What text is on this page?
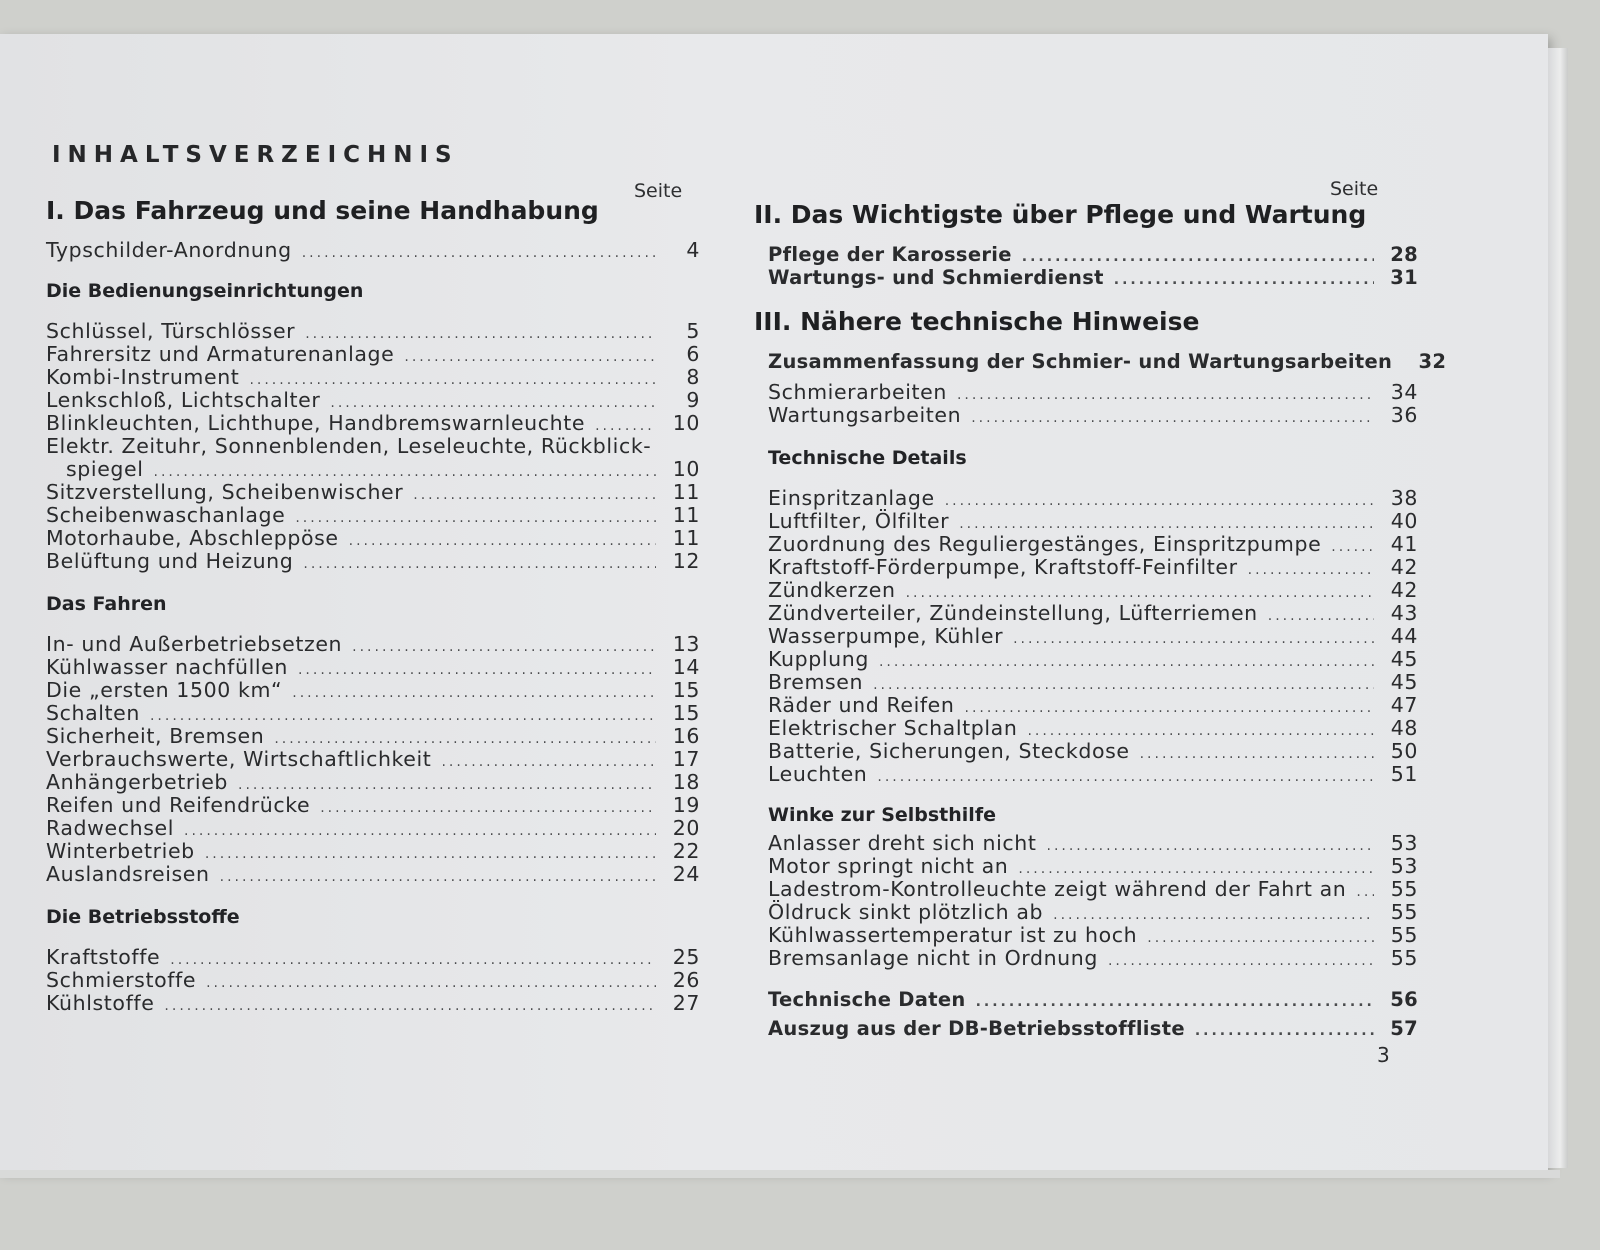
INHALTSVERZEICHNIS
Seite	Seite
I. Das Fahrzeug und seine Handhabung
Typschilder-Anordnung .....	4
Die Bedienungseinrichtungen
Schlüssel, Türschlösser .....	5
Fahrersitz und Armaturenanlage .....	6
Kombi-Instrument .....	8
Lenkschloß, Lichtschalter .....	9
Blinkleuchten, Lichthupe, Handbremswarnleuchte .....	10
Elektr. Zeituhr, Sonnenblenden, Leseleuchte, Rückblick-
spiegel .....	10
Sitzverstellung, Scheibenwischer .....	11
Scheibenwaschanlage .....	11
Motorhaube, Abschleppöse .....	11
Belüftung und Heizung .....	12
Das Fahren
In- und Außerbetriebsetzen .....	13
Kühlwasser nachfüllen .....	14
Die „ersten 1500 km“ .....	15
Schalten .....	15
Sicherheit, Bremsen .....	16
Verbrauchswerte, Wirtschaftlichkeit .....	17
Anhängerbetrieb .....	18
Reifen und Reifendrücke .....	19
Radwechsel .....	20
Winterbetrieb .....	22
Auslandsreisen .....	24
Die Betriebsstoffe
Kraftstoffe .....	25
Schmierstoffe .....	26
Kühlstoffe .....	27
II. Das Wichtigste über Pflege und Wartung
Pflege der Karosserie .....	28
Wartungs- und Schmierdienst .....	31
III. Nähere technische Hinweise
Zusammenfassung der Schmier- und Wartungsarbeiten	32
Schmierarbeiten .....	34
Wartungsarbeiten .....	36
Technische Details
Einspritzanlage .....	38
Luftfilter, Ölfilter .....	40
Zuordnung des Reguliergestänges, Einspritzpumpe .....	41
Kraftstoff-Förderpumpe, Kraftstoff-Feinfilter .....	42
Zündkerzen .....	42
Zündverteiler, Zündeinstellung, Lüfterriemen .....	43
Wasserpumpe, Kühler .....	44
Kupplung .....	45
Bremsen .....	45
Räder und Reifen .....	47
Elektrischer Schaltplan .....	48
Batterie, Sicherungen, Steckdose .....	50
Leuchten .....	51
Winke zur Selbsthilfe
Anlasser dreht sich nicht .....	53
Motor springt nicht an .....	53
Ladestrom-Kontrolleuchte zeigt während der Fahrt an .....	55
Öldruck sinkt plötzlich ab .....	55
Kühlwassertemperatur ist zu hoch .....	55
Bremsanlage nicht in Ordnung .....	55
Technische Daten .....	56
Auszug aus der DB-Betriebsstoffliste .....	57
3
